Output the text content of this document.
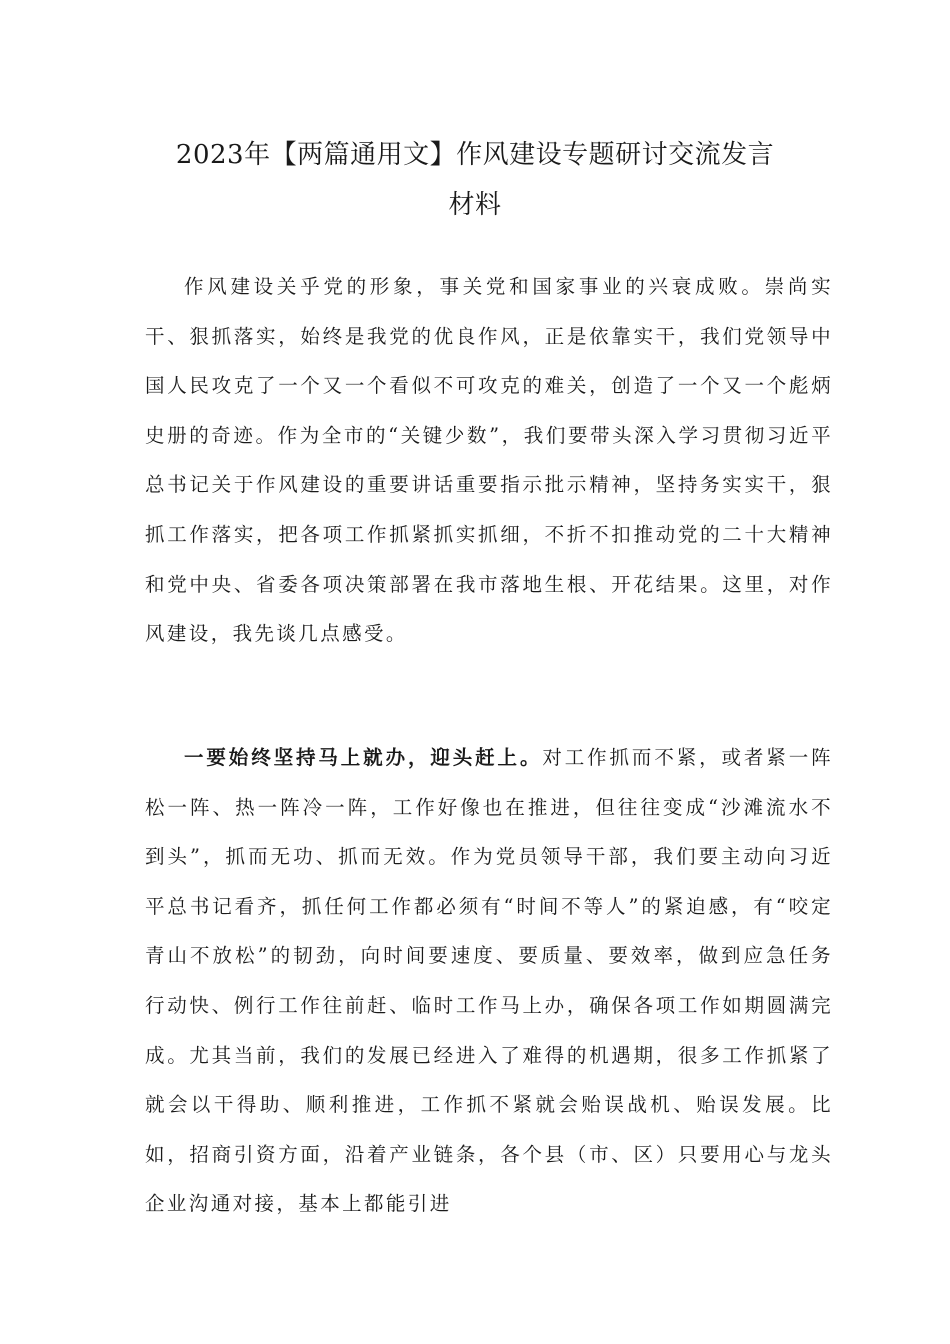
2023年【两篇通用文】作风建设专题研讨交流发言
材料

作风建设关乎党的形象，事关党和国家事业的兴衰成败。崇尚实干、狠抓落实，始终是我党的优良作风，正是依靠实干，我们党领导中国人民攻克了一个又一个看似不可攻克的难关，创造了一个又一个彪炳史册的奇迹。作为全市的“关键少数”，我们要带头深入学习贯彻习近平总书记关于作风建设的重要讲话重要指示批示精神，坚持务实实干，狠抓工作落实，把各项工作抓紧抓实抓细，不折不扣推动党的二十大精神和党中央、省委各项决策部署在我市落地生根、开花结果。这里，对作风建设，我先谈几点感受。

一要始终坚持马上就办，迎头赶上。对工作抓而不紧，或者紧一阵松一阵、热一阵冷一阵，工作好像也在推进，但往往变成“沙滩流水不到头”，抓而无功、抓而无效。作为党员领导干部，我们要主动向习近平总书记看齐，抓任何工作都必须有“时间不等人”的紧迫感，有“咬定青山不放松”的韧劲，向时间要速度、要质量、要效率，做到应急任务行动快、例行工作往前赶、临时工作马上办，确保各项工作如期圆满完成。尤其当前，我们的发展已经进入了难得的机遇期，很多工作抓紧了就会以干得助、顺利推进，工作抓不紧就会贻误战机、贻误发展。比如，招商引资方面，沿着产业链条，各个县（市、区）只要用心与龙头企业沟通对接，基本上都能引进
